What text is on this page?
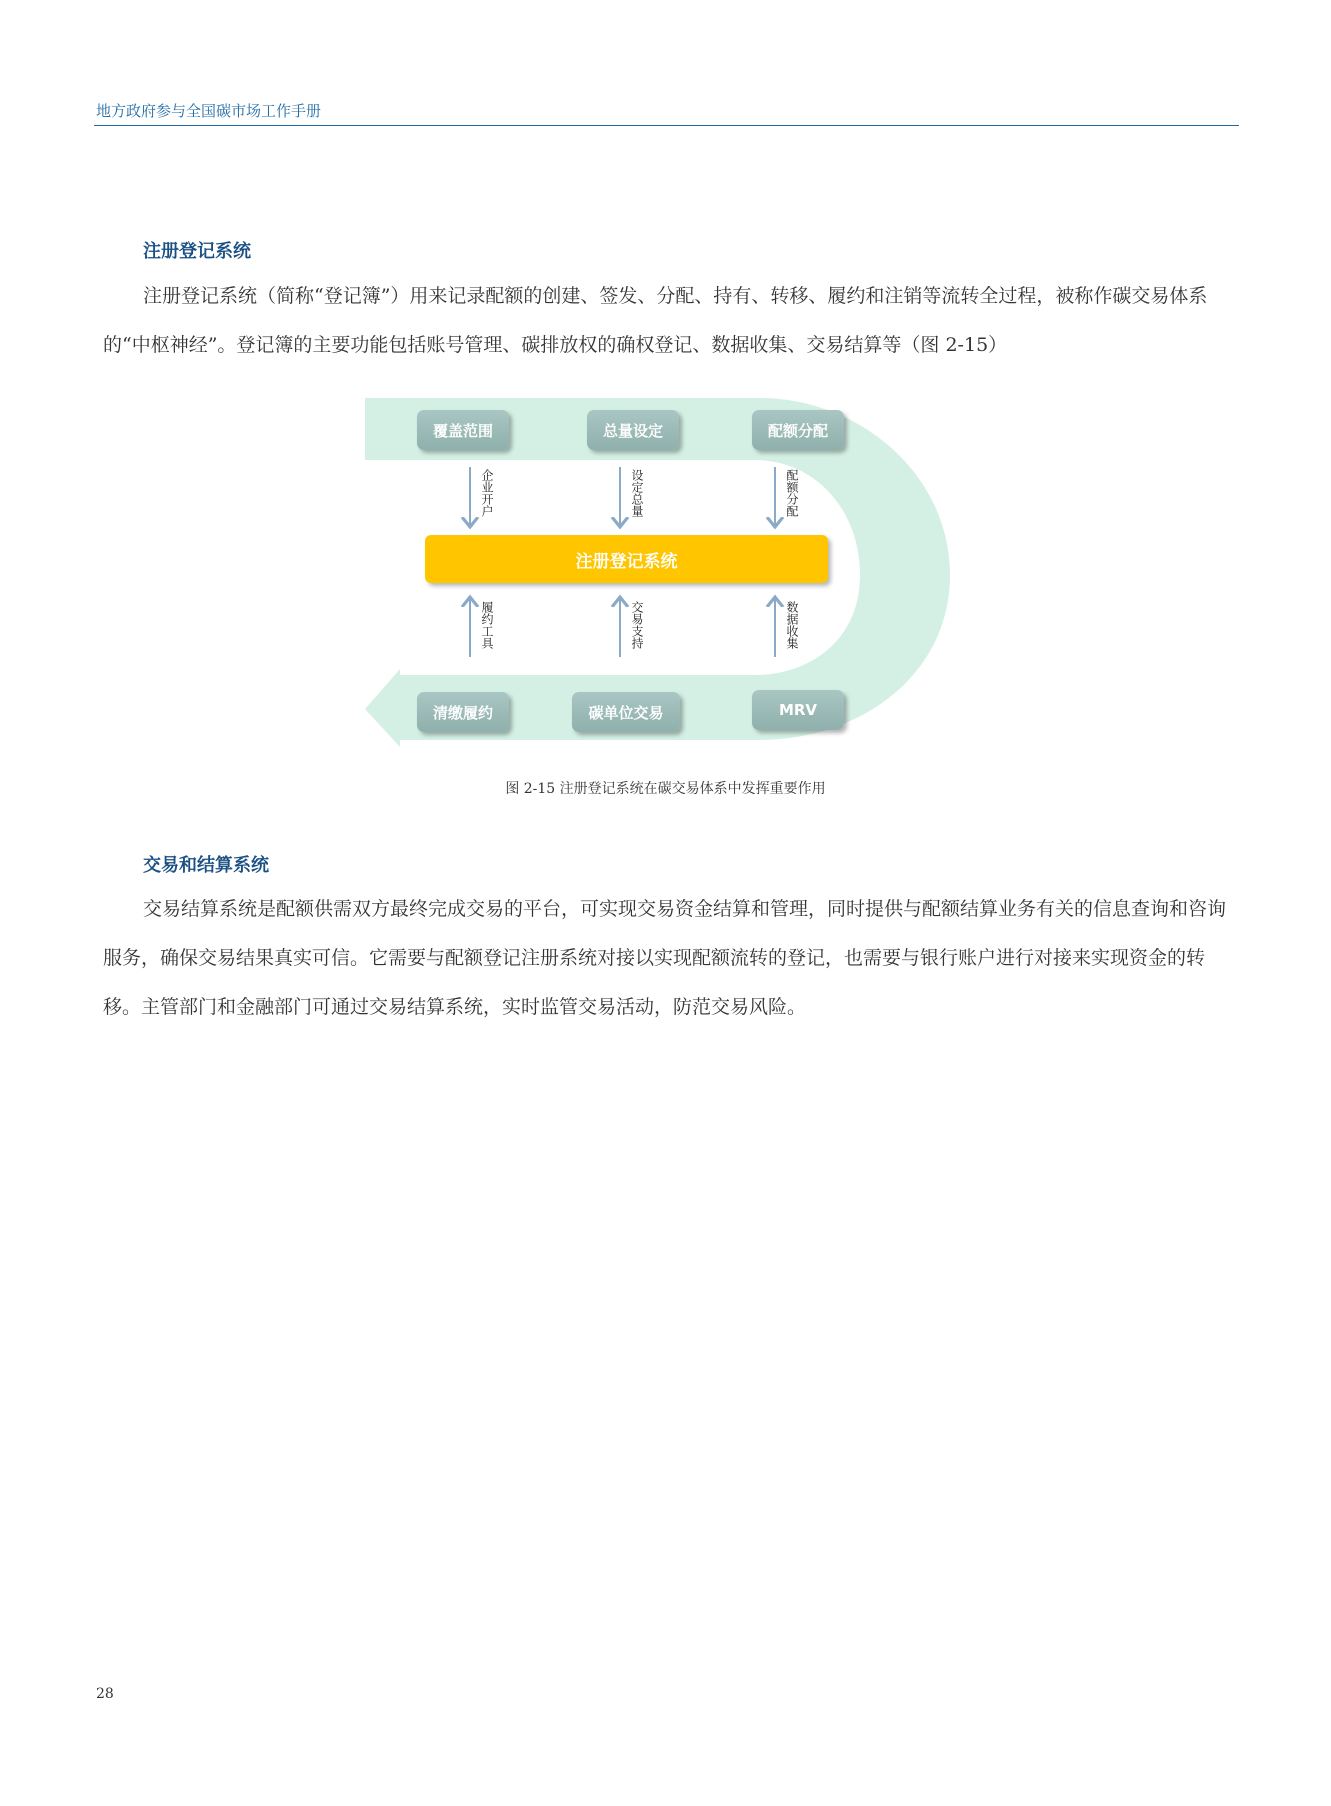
地方政府参与全国碳市场工作手册
注册登记系统

注册登记系统（简称“登记簿”）用来记录配额的创建、签发、分配、持有、转移、履约和注销等流转全过程，被称作碳交易体系的“中枢神经”。登记簿的主要功能包括账号管理、碳排放权的确权登记、数据收集、交易结算等（图 2-15）

覆盖范围	总量设定	配额分配
企业开户	设定总量	配额分配
注册登记系统
履约工具	交易支持	数据收集
清缴履约	碳单位交易	MRV
图 2-15 注册登记系统在碳交易体系中发挥重要作用
交易和结算系统

交易结算系统是配额供需双方最终完成交易的平台，可实现交易资金结算和管理，同时提供与配额结算业务有关的信息查询和咨询服务，确保交易结果真实可信。它需要与配额登记注册系统对接以实现配额流转的登记，也需要与银行账户进行对接来实现资金的转移。主管部门和金融部门可通过交易结算系统，实时监管交易活动，防范交易风险。

28
